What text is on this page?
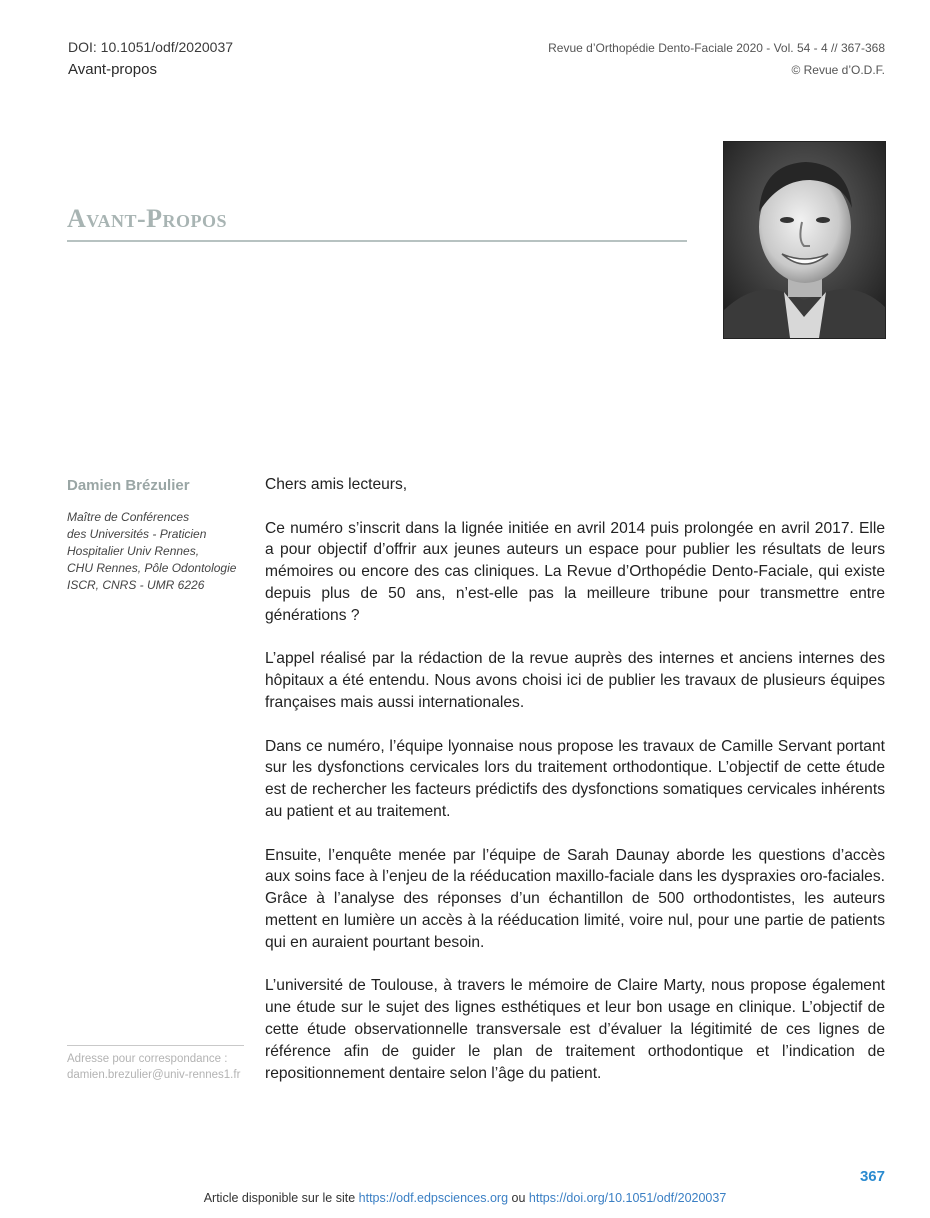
DOI: 10.1051/odf/2020037
Avant-propos
Revue d’Orthopédie Dento-Faciale 2020 - Vol. 54 - 4 // 367-368
© Revue d’O.D.F.
Avant-Propos
Damien Brézulier
Maître de Conférences
des Universités - Praticien
Hospitalier Univ Rennes,
CHU Rennes, Pôle Odontologie
ISCR, CNRS - UMR 6226
Adresse pour correspondance :
damien.brezulier@univ-rennes1.fr

Chers amis lecteurs,

Ce numéro s’inscrit dans la lignée initiée en avril 2014 puis prolongée en avril 2017. Elle a pour objectif d’offrir aux jeunes auteurs un espace pour publier les résultats de leurs mémoires ou encore des cas cliniques. La Revue d’Orthopédie Dento-Faciale, qui existe depuis plus de 50 ans, n’est-elle pas la meilleure tribune pour transmettre entre générations ?

L’appel réalisé par la rédaction de la revue auprès des internes et anciens internes des hôpitaux a été entendu. Nous avons choisi ici de publier les travaux de plusieurs équipes françaises mais aussi internationales.

Dans ce numéro, l’équipe lyonnaise nous propose les travaux de Camille Servant portant sur les dysfonctions cervicales lors du traitement orthodontique. L’objectif de cette étude est de rechercher les facteurs prédictifs des dysfonctions somatiques cervicales inhérents au patient et au traitement.

Ensuite, l’enquête menée par l’équipe de Sarah Daunay aborde les questions d’accès aux soins face à l’enjeu de la rééducation maxillo-faciale dans les dyspraxies oro-faciales. Grâce à l’analyse des réponses d’un échantillon de 500 orthodontistes, les auteurs mettent en lumière un accès à la rééducation limité, voire nul, pour une partie de patients qui en auraient pourtant besoin.

L’université de Toulouse, à travers le mémoire de Claire Marty, nous propose également une étude sur le sujet des lignes esthétiques et leur bon usage en clinique. L’objectif de cette étude observationnelle transversale est d’évaluer la légitimité de ces lignes de référence afin de guider le plan de traitement orthodontique et l’indication de repositionnement dentaire selon l’âge du patient.

367
Article disponible sur le site https://odf.edpsciences.org ou https://doi.org/10.1051/odf/2020037
